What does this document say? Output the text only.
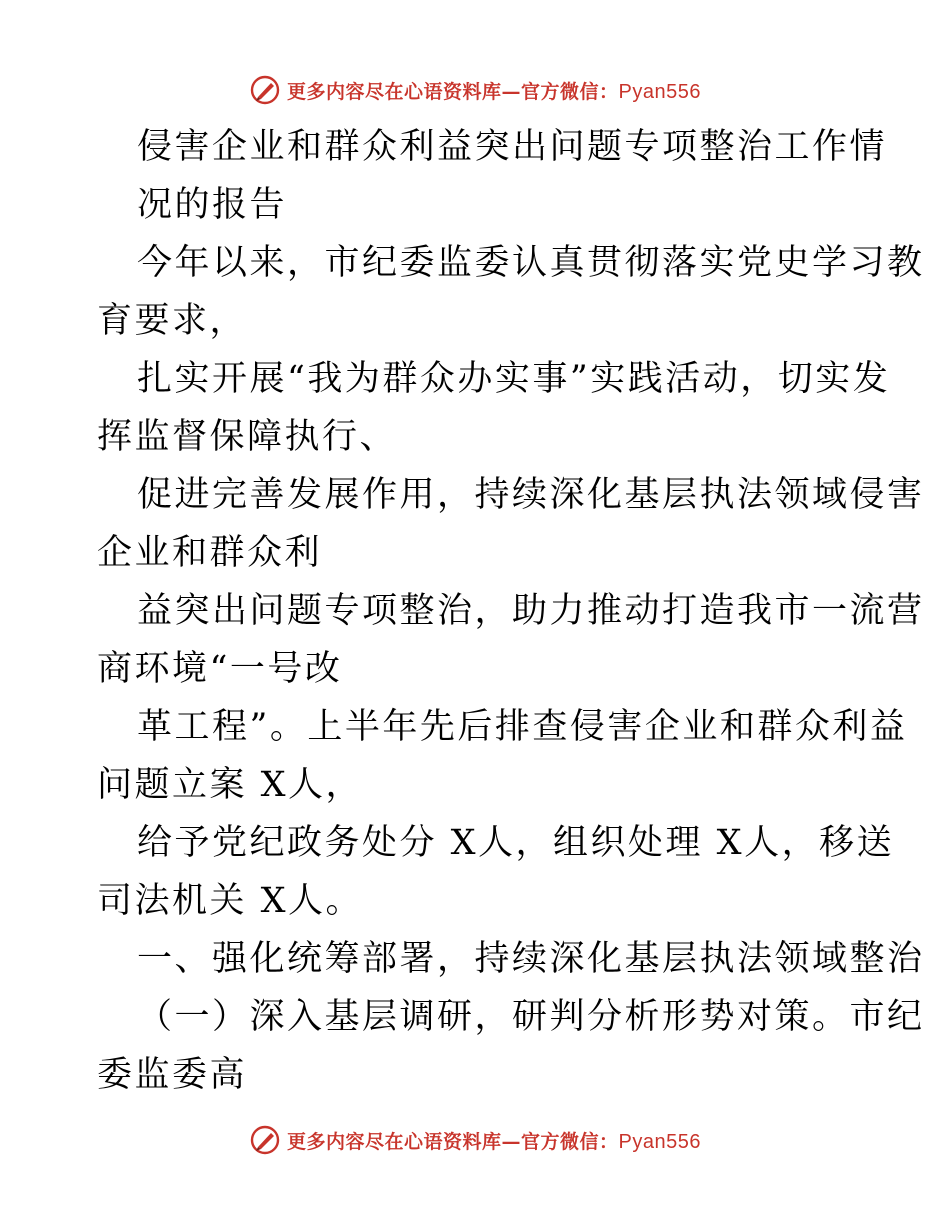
更多内容尽在心语资料库—官方微信：Pyan556
侵害企业和群众利益突出问题专项整治工作情
况的报告
今年以来，市纪委监委认真贯彻落实党史学习教
育要求，
扎实开展“我为群众办实事”实践活动，切实发
挥监督保障执行、
促进完善发展作用，持续深化基层执法领域侵害
企业和群众利
益突出问题专项整治，助力推动打造我市一流营
商环境“一号改
革工程”。上半年先后排查侵害企业和群众利益
问题立案 X人，
给予党纪政务处分 X人，组织处理 X人，移送
司法机关 X人。
一、强化统筹部署，持续深化基层执法领域整治
（一）深入基层调研，研判分析形势对策。市纪
委监委高
更多内容尽在心语资料库—官方微信：Pyan556
